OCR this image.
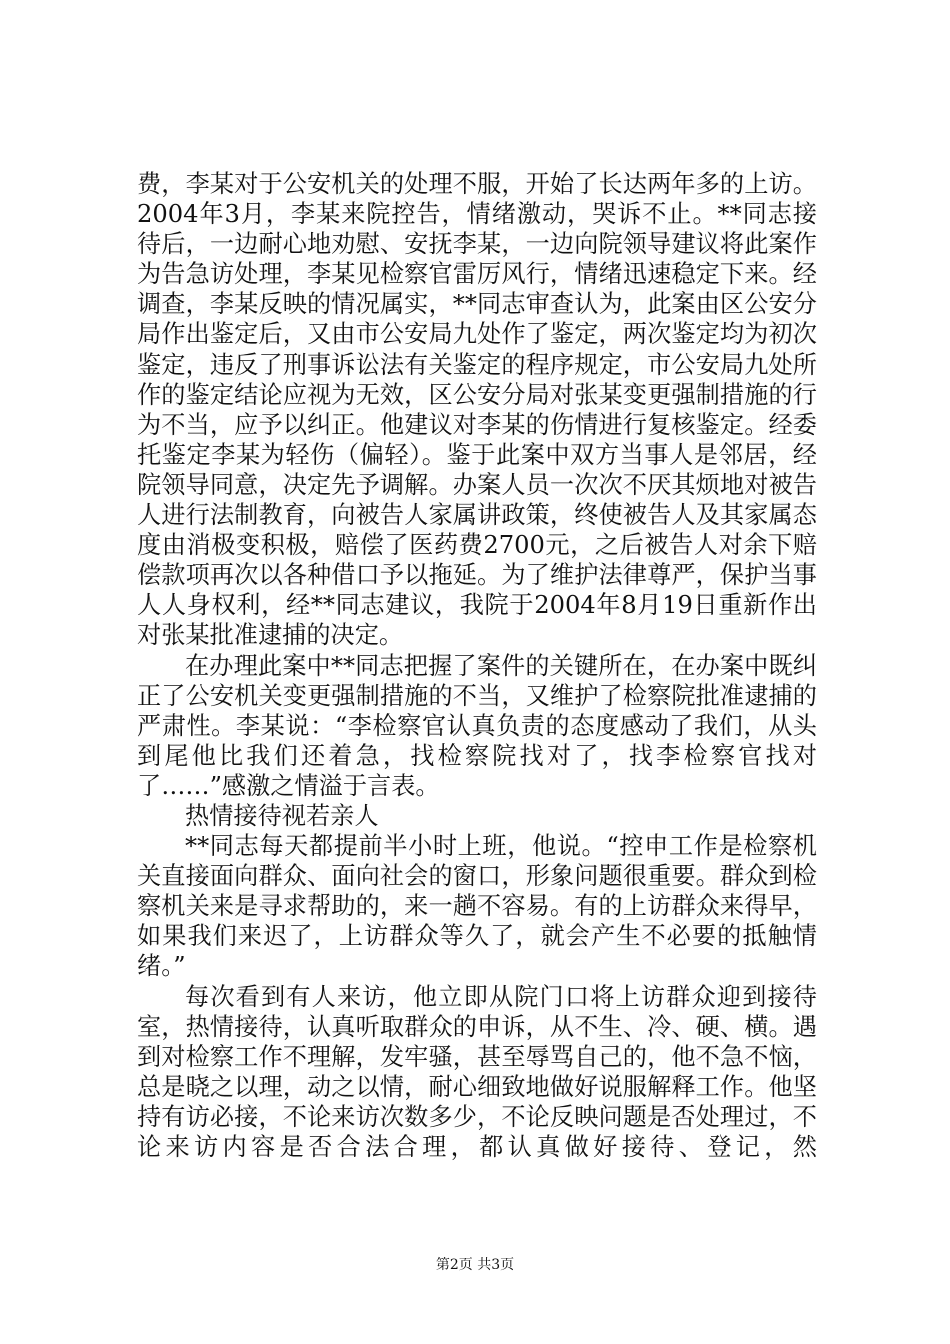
费，李某对于公安机关的处理不服，开始了长达两年多的上访。2004年3月，李某来院控告，情绪激动，哭诉不止。**同志接待后，一边耐心地劝慰、安抚李某，一边向院领导建议将此案作为告急访处理，李某见检察官雷厉风行，情绪迅速稳定下来。经调查，李某反映的情况属实，**同志审查认为，此案由区公安分局作出鉴定后，又由市公安局九处作了鉴定，两次鉴定均为初次鉴定，违反了刑事诉讼法有关鉴定的程序规定，市公安局九处所作的鉴定结论应视为无效，区公安分局对张某变更强制措施的行为不当，应予以纠正。他建议对李某的伤情进行复核鉴定。经委托鉴定李某为轻伤（偏轻）。鉴于此案中双方当事人是邻居，经院领导同意，决定先予调解。办案人员一次次不厌其烦地对被告人进行法制教育，向被告人家属讲政策，终使被告人及其家属态度由消极变积极，赔偿了医药费2700元，之后被告人对余下赔偿款项再次以各种借口予以拖延。为了维护法律尊严，保护当事人人身权利，经**同志建议，我院于2004年8月19日重新作出对张某批准逮捕的决定。

在办理此案中**同志把握了案件的关键所在，在办案中既纠正了公安机关变更强制措施的不当，又维护了检察院批准逮捕的严肃性。李某说：“李检察官认真负责的态度感动了我们，从头到尾他比我们还着急，找检察院找对了，找李检察官找对了……”感激之情溢于言表。

热情接待视若亲人

**同志每天都提前半小时上班，他说。“控申工作是检察机关直接面向群众、面向社会的窗口，形象问题很重要。群众到检察机关来是寻求帮助的，来一趟不容易。有的上访群众来得早，如果我们来迟了，上访群众等久了，就会产生不必要的抵触情绪。”

每次看到有人来访，他立即从院门口将上访群众迎到接待室，热情接待，认真听取群众的申诉，从不生、冷、硬、横。遇到对检察工作不理解，发牢骚，甚至辱骂自己的，他不急不恼，总是晓之以理，动之以情，耐心细致地做好说服解释工作。他坚持有访必接，不论来访次数多少，不论反映问题是否处理过，不论来访内容是否合法合理，都认真做好接待、登记，然

第2页 共3页
